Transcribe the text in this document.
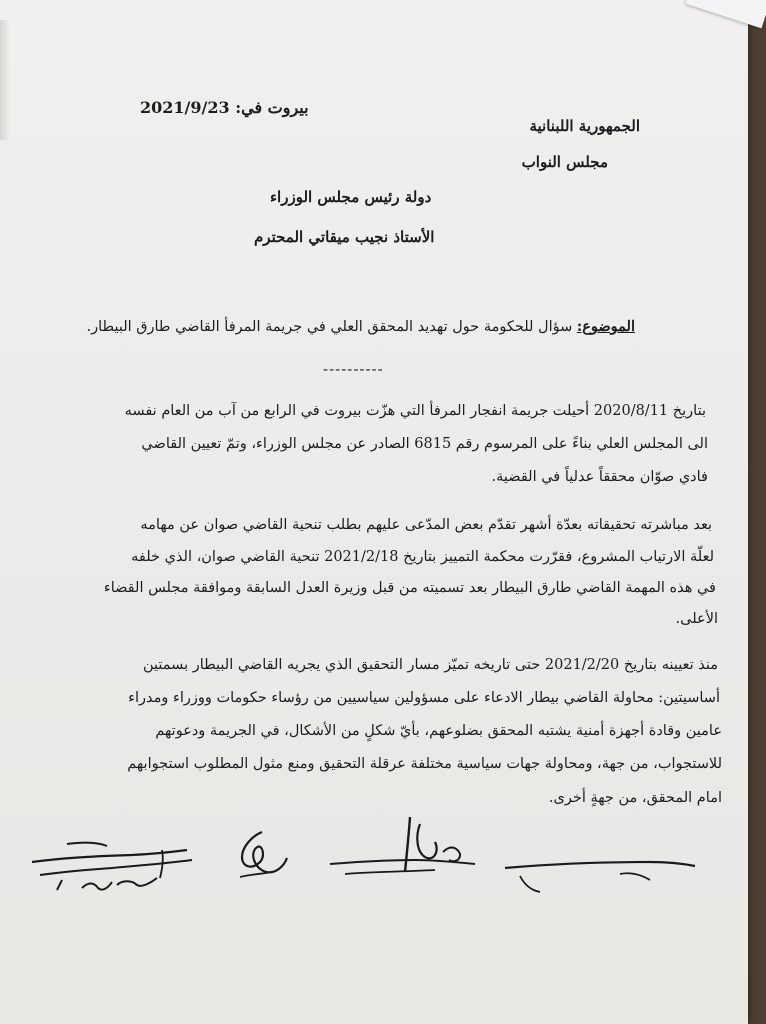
الجمهورية اللبنانية
مجلس النواب
بيروت في: 2021/9/23
دولة رئيس مجلس الوزراء
الأستاذ نجيب ميقاتي المحترم
الموضوع: سؤال للحكومة حول تهديد المحقق العلي في جريمة المرفأ القاضي طارق البيطار.
----------
بتاريخ 2020/8/11 أحيلت جريمة انفجار المرفأ التي هزّت بيروت في الرابع من آب من العام نفسه
الى المجلس العلي بناءً على المرسوم رقم 6815 الصادر عن مجلس الوزراء، وتمّ تعيين القاضي
فادي صوّان محققاً عدلياً في القضية.
بعد مباشرته تحقيقاته بعدّة أشهر تقدّم بعض المدّعى عليهم بطلب تنحية القاضي صوان عن مهامه
لعلّة الارتياب المشروع، فقرّرت محكمة التمييز بتاريخ 2021/2/18 تنحية القاضي صوان، الذي خلفه
في هذه المهمة القاضي طارق البيطار بعد تسميته من قبل وزيرة العدل السابقة وموافقة مجلس القضاء
الأعلى.
منذ تعيينه بتاريخ 2021/2/20 حتى تاريخه تميّز مسار التحقيق الذي يجريه القاضي البيطار بسمتين
أساسيتين: محاولة القاضي بيطار الادعاء على مسؤولين سياسيين من رؤساء حكومات ووزراء ومدراء
عامين وقادة أجهزة أمنية يشتبه المحقق بضلوعهم، بأيّ شكلٍ من الأشكال، في الجريمة ودعوتهم
للاستجواب، من جهة، ومحاولة جهات سياسية مختلفة عرقلة التحقيق ومنع مثول المطلوب استجوابهم
امام المحقق، من جهةٍ أخرى.
